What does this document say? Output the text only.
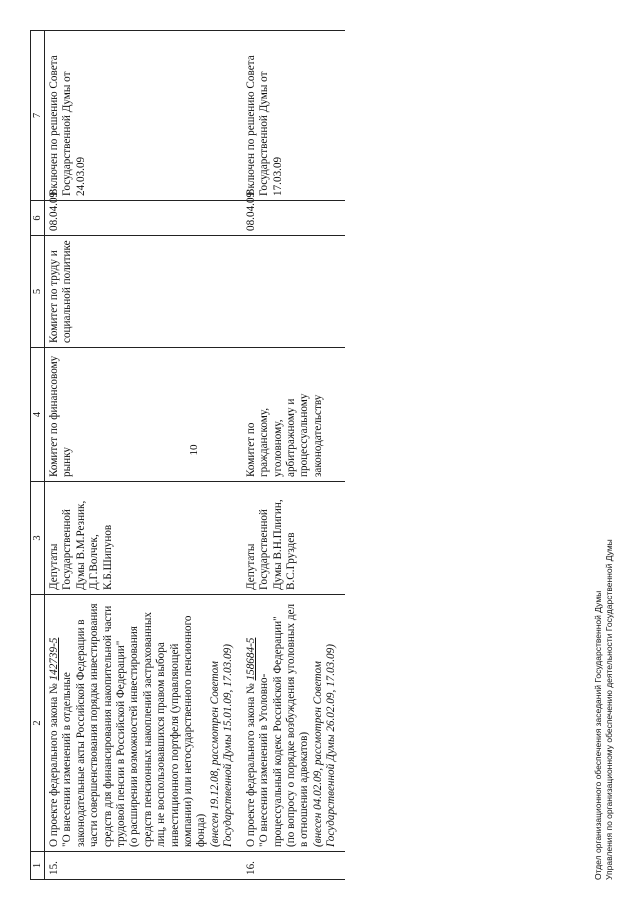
10
1
2
3
4
5
6
7
15.
О проекте федерального закона № 142739-5
"О внесении изменений в отдельные законодательные акты Российской Федерации в части совершенствования порядка инвестирования средств для финансирования накопительной части трудовой пенсии в Российской Федерации" (о расширении возможностей инвестирования средств пенсионных накоплений застрахованных лиц, не воспользовавшихся правом выбора инвестиционного портфеля (управляющей компании) или негосударственного пенсионного фонда) (внесен 19.12.08, рассмотрен Советом Государственной Думы 15.01.09, 17.03.09)
Депутаты Государственной Думы В.М.Резник, Д.Г.Волчек, К.Б.Шипунов
Комитет по финансовому рынку
Комитет по труду и социальной политике
08.04.09
Включен по решению Совета Государственной Думы от 24.03.09
16.
О проекте федерального закона № 158684-5
"О внесении изменений в Уголовно-процессуальный кодекс Российской Федерации" (по вопросу о порядке возбуждения уголовных дел в отношении адвокатов) (внесен 04.02.09, рассмотрен Советом Государственной Думы 26.02.09, 17.03.09)
Депутаты Государственной Думы В.Н.Плигин, В.С.Груздев
Комитет по гражданскому, уголовному, арбитражному и процессуальному законодательству
08.04.09
Включен по решению Совета Государственной Думы от 17.03.09
Отдел организационного обеспечения заседаний Государственной Думы Управления по организационному обеспечению деятельности Государственной Думы
